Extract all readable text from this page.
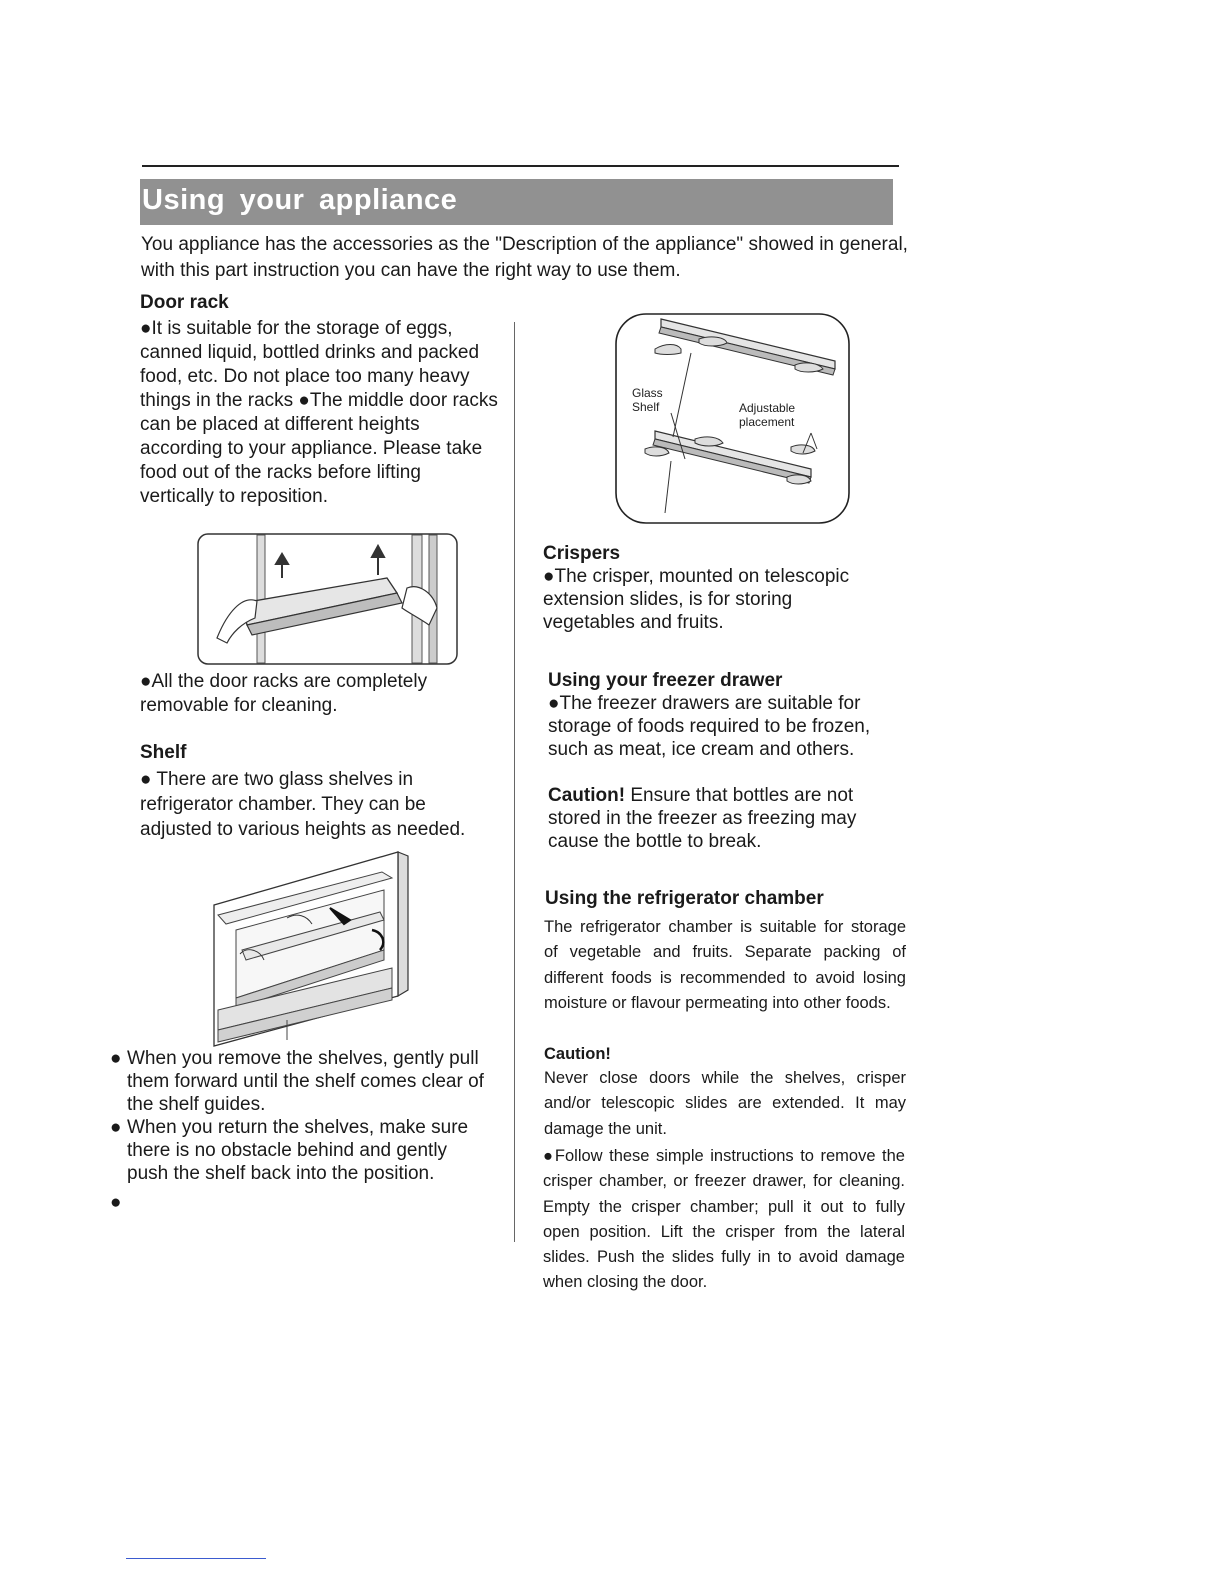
Using your appliance
You appliance has the accessories as the "Description of the appliance" showed in general, with this part instruction you can have the right way to use them.
Door rack
●It is suitable for the storage of eggs, canned liquid, bottled drinks and packed food, etc. Do not place too many heavy things in the racks ●The middle door racks can be placed at different heights according to your appliance. Please take food out of the racks before lifting vertically to reposition.
●All the door racks are completely removable for cleaning.
Shelf
● There are two glass shelves in refrigerator chamber. They can be adjusted to various heights as needed.
● When you remove the shelves, gently pull them forward until the shelf comes clear of the shelf guides.
● When you return the shelves, make sure there is no obstacle behind and gently push the shelf back into the position.
●
Glass
Shelf	Adjustable
placement
Crispers
●The crisper, mounted on telescopic extension slides, is for storing vegetables and fruits.
Using your freezer drawer
●The freezer drawers are suitable for storage of foods required to be frozen, such as meat, ice cream and others.
Caution! Ensure that bottles are not stored in the freezer as freezing may cause the bottle to break.
Using the refrigerator chamber
The refrigerator chamber is suitable for storage of vegetable and fruits. Separate packing of different foods is recommended to avoid losing moisture or flavour permeating into other foods.
Caution!
Never close doors while the shelves, crisper and/or telescopic slides are extended. It may damage the unit.
●Follow these simple instructions to remove the crisper chamber, or freezer drawer, for cleaning. Empty the crisper chamber; pull it out to fully open position. Lift the crisper from the lateral slides. Push the slides fully in to avoid damage when closing the door.
